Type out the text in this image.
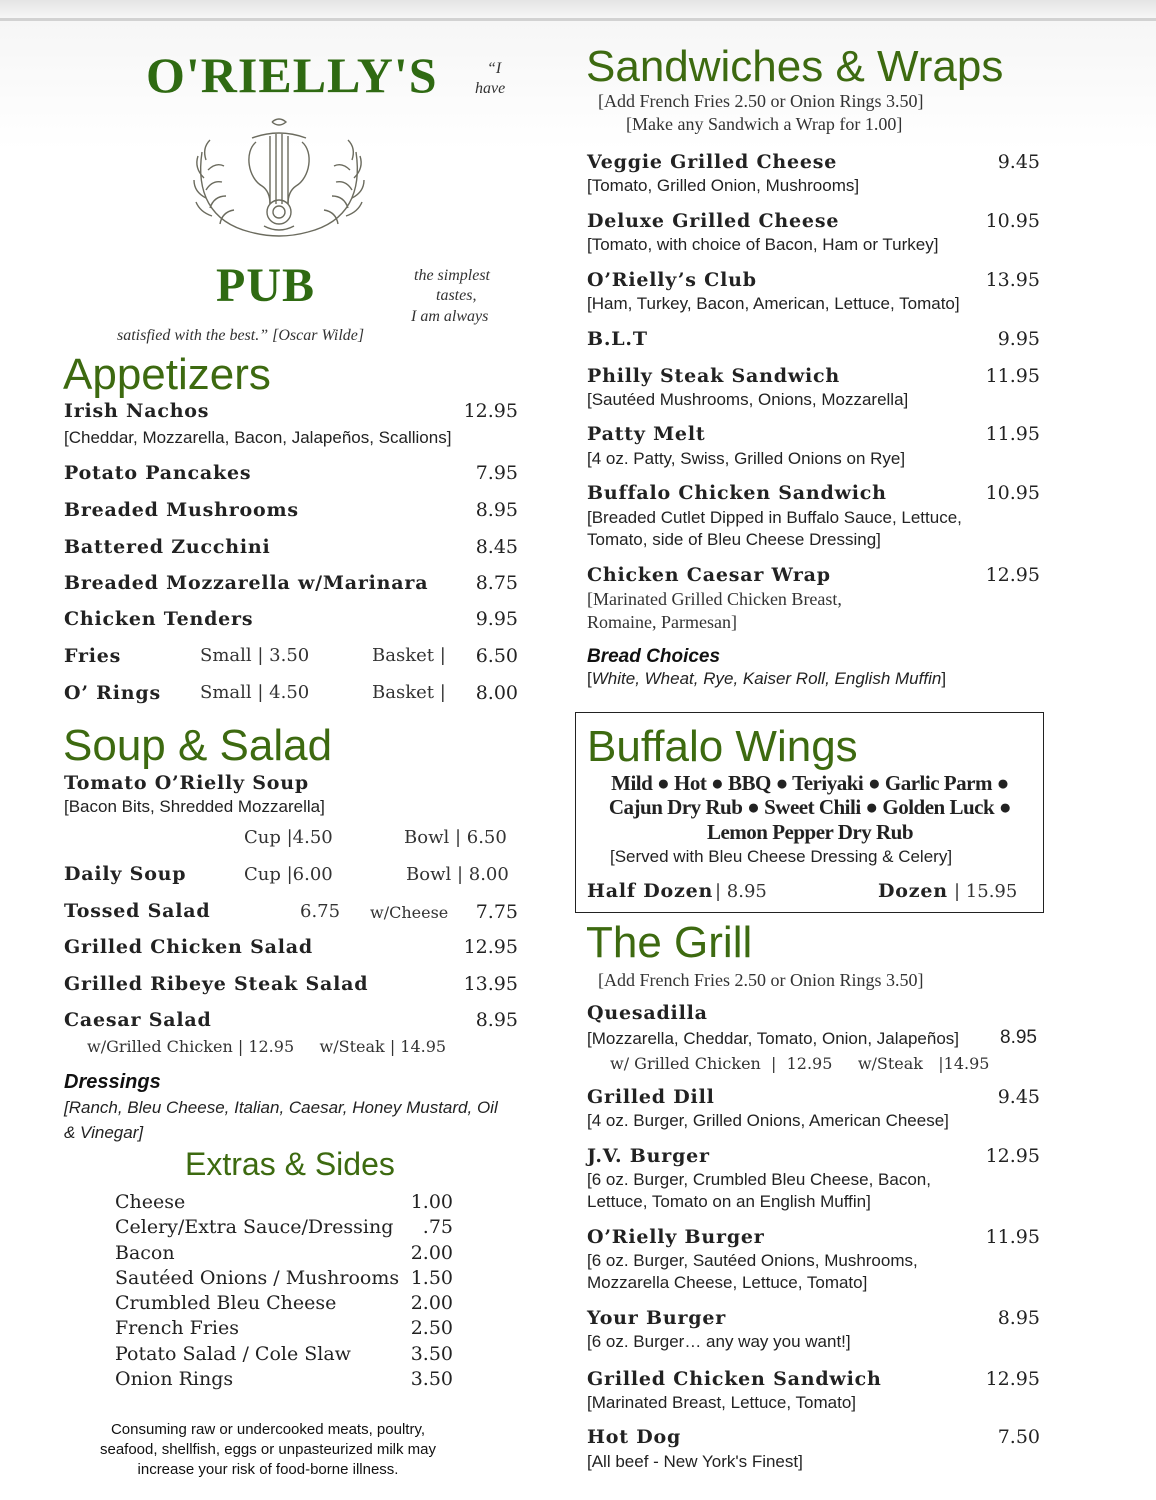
O'RIELLY'S	“I
have
PUB	the simplest
tastes,
I am always
satisfied with the best.” [Oscar Wilde]
Appetizers
Irish Nachos	12.95
[Cheddar, Mozzarella, Bacon, Jalapeños, Scallions]
Potato Pancakes	7.95
Breaded Mushrooms	8.95
Battered Zucchini	8.45
Breaded Mozzarella w/Marinara	8.75
Chicken Tenders	9.95
Fries	Small | 3.50	Basket |	6.50
O’ Rings Small | 4.50	Basket |	8.00
Soup & Salad
Tomato O’Rielly Soup
[Bacon Bits, Shredded Mozzarella]
Cup |4.50	Bowl | 6.50
Daily Soup	Cup |6.00	Bowl | 8.00
Tossed Salad	6.75 w/Cheese	7.75
Grilled Chicken Salad	12.95
Grilled Ribeye Steak Salad	13.95
Caesar Salad	8.95
w/Grilled Chicken | 12.95     w/Steak | 14.95
Dressings
[Ranch, Bleu Cheese, Italian, Caesar, Honey Mustard, Oil
& Vinegar]
Extras & Sides
Cheese	1.00
Celery/Extra Sauce/Dressing	.75
Bacon	2.00
Sautéed Onions / Mushrooms 1.50
Crumbled Bleu Cheese	2.00
French Fries	2.50
Potato Salad / Cole Slaw	3.50
Onion Rings	3.50
Consuming raw or undercooked meats, poultry,
seafood, shellfish, eggs or unpasteurized milk may
increase your risk of food-borne illness.
Sandwiches & Wraps
[Add French Fries 2.50 or Onion Rings 3.50]
[Make any Sandwich a Wrap for 1.00]
Veggie Grilled Cheese	9.45
[Tomato, Grilled Onion, Mushrooms]
Deluxe Grilled Cheese	10.95
[Tomato, with choice of Bacon, Ham or Turkey]
O’Rielly’s Club	13.95
[Ham, Turkey, Bacon, American, Lettuce, Tomato]
B.L.T	9.95
Philly Steak Sandwich	11.95
[Sautéed Mushrooms, Onions, Mozzarella]
Patty Melt	11.95
[4 oz. Patty, Swiss, Grilled Onions on Rye]
Buffalo Chicken Sandwich	10.95
[Breaded Cutlet Dipped in Buffalo Sauce, Lettuce,
Tomato, side of Bleu Cheese Dressing]
Chicken Caesar Wrap	12.95
[Marinated Grilled Chicken Breast,
Romaine, Parmesan]
Bread Choices
[White, Wheat, Rye, Kaiser Roll, English Muffin]
Buffalo Wings
Mild ● Hot ● BBQ ● Teriyaki ● Garlic Parm ●
Cajun Dry Rub ● Sweet Chili ● Golden Luck ●
Lemon Pepper Dry Rub
[Served with Bleu Cheese Dressing & Celery]
Half Dozen | 8.95	Dozen | 15.95
The Grill
[Add French Fries 2.50 or Onion Rings 3.50]
Quesadilla
[Mozzarella, Cheddar, Tomato, Onion, Jalapeños] 8.95
w/ Grilled Chicken  |  12.95     w/Steak   |14.95
Grilled Dill	9.45
[4 oz. Burger, Grilled Onions, American Cheese]
J.V. Burger	12.95
[6 oz. Burger, Crumbled Bleu Cheese, Bacon,
Lettuce, Tomato on an English Muffin]
O’Rielly Burger	11.95
[6 oz. Burger, Sautéed Onions, Mushrooms,
Mozzarella Cheese, Lettuce, Tomato]
Your Burger	8.95
[6 oz. Burger… any way you want!]
Grilled Chicken Sandwich	12.95
[Marinated Breast, Lettuce, Tomato]
Hot Dog	7.50
[All beef - New York's Finest]
